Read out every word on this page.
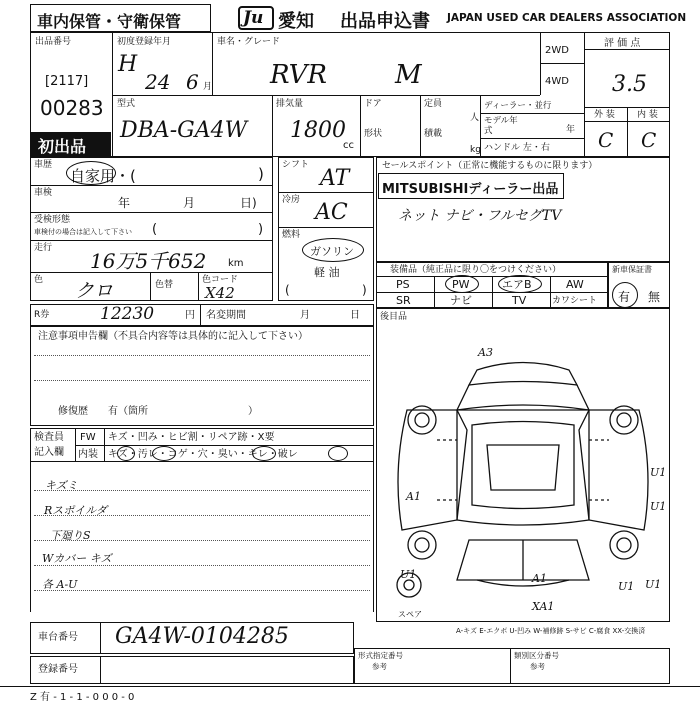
車内保管・守衛保管	Ju 愛知 出品申込書 JAPAN USED CAR DEALERS ASSOCIATION
出品番号
[2117]
00283
初出品
初度登録年月
H
24 6 月
車名・グレード
RVR	M
2WD
4WD
評 価 点
3.5
外 装 内 装
C C
型式
DBA-GA4W
排気量
1800
cc
ドア
形状
定員
人
積載
kg
ディーラー・並行
モデル年式	年
ハンドル 左・右
車歴
自家用・(	)
車検
年	月	日)
受検形態
車検付の場合は記入して下さい (	)
走行
16万5千652 km
色 クロ	色替	色コード
X42
シフト
AT
冷房 AC
燃料
ガソリン
軽 油
(	)
R券	12230	円 名変期間	月	日
セールスポイント（正常に機能するものに限ります）
MITSUBISHIディーラー出品
ネット ナビ・フルセグTV
装備品（純正品に限り〇をつけください）
PS	PW	エアB	AW
SR	ナビ	TV	カワシート
新車保証書
有 無
注意事項申告欄（不具合内容等は具体的に記入して下さい）
修復歴　　有（箇所　　　　　　　　　　）
検査員
記入欄
FW キズ・凹み・ヒビ割・リペア跡・X要
内装 キズ・汚レ・コゲ・穴・臭い・キレ・破レ
キズミ
Rスポイルダ
下廻りS
Wカバー キズ
各 A-U
後目品
A3
U1
U1
A1
U1
U1
A1
U1
XA1
スペア
A-キズ E-エクボ U-凹み W-補修跡 S-サビ C-腐食 XX-交換済
車台番号 GA4W-0104285
登録番号
形式指定番号
参考
類別区分番号
参考
Z 有 - 1 - 1 - 0 0 0 - 0
